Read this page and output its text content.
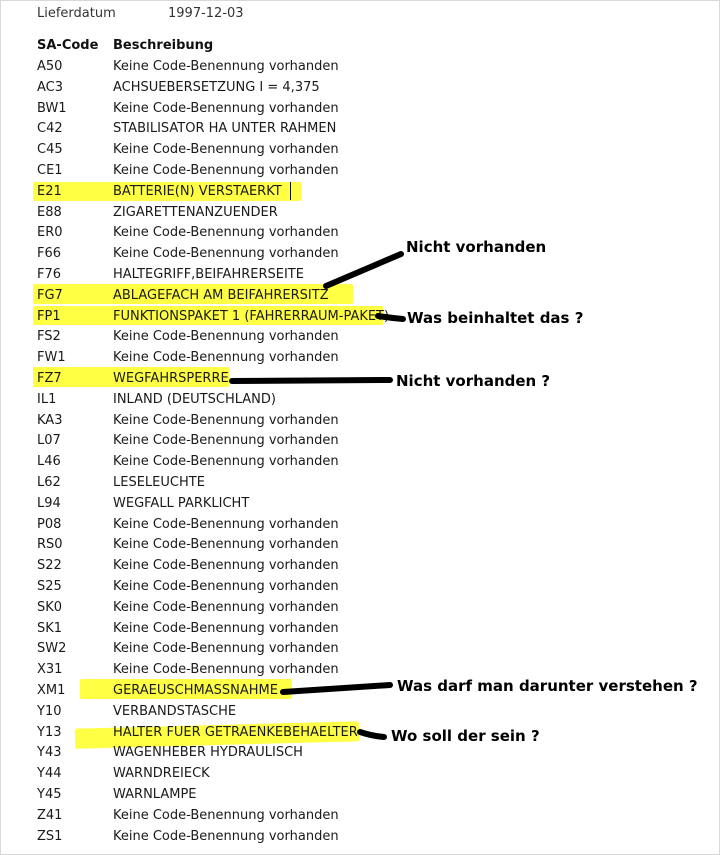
Lieferdatum	1997-12-03
SA-Code Beschreibung
A50	Keine Code-Benennung vorhanden
AC3	ACHSUEBERSETZUNG I = 4,375
BW1	Keine Code-Benennung vorhanden
C42	STABILISATOR HA UNTER RAHMEN
C45	Keine Code-Benennung vorhanden
CE1	Keine Code-Benennung vorhanden
E21	BATTERIE(N) VERSTAERKT
E88	ZIGARETTENANZUENDER
ER0	Keine Code-Benennung vorhanden
F66	Keine Code-Benennung vorhanden
F76	HALTEGRIFF,BEIFAHRERSEITE
FG7	ABLAGEFACH AM BEIFAHRERSITZ
FP1	FUNKTIONSPAKET 1 (FAHRERRAUM-PAKET)
FS2	Keine Code-Benennung vorhanden
FW1	Keine Code-Benennung vorhanden
FZ7	WEGFAHRSPERRE
IL1	INLAND (DEUTSCHLAND)
KA3	Keine Code-Benennung vorhanden
L07	Keine Code-Benennung vorhanden
L46	Keine Code-Benennung vorhanden
L62	LESELEUCHTE
L94	WEGFALL PARKLICHT
P08	Keine Code-Benennung vorhanden
RS0	Keine Code-Benennung vorhanden
S22	Keine Code-Benennung vorhanden
S25	Keine Code-Benennung vorhanden
SK0	Keine Code-Benennung vorhanden
SK1	Keine Code-Benennung vorhanden
SW2	Keine Code-Benennung vorhanden
X31	Keine Code-Benennung vorhanden
XM1	GERAEUSCHMASSNAHME
Y10	VERBANDSTASCHE
Y13	HALTER FUER GETRAENKEBEHAELTER
Y43	WAGENHEBER HYDRAULISCH
Y44	WARNDREIECK
Y45	WARNLAMPE
Z41	Keine Code-Benennung vorhanden
ZS1	Keine Code-Benennung vorhanden
Nicht vorhanden
Was beinhaltet das ?
Nicht vorhanden ?
Was darf man darunter verstehen ?
Wo soll der sein ?
